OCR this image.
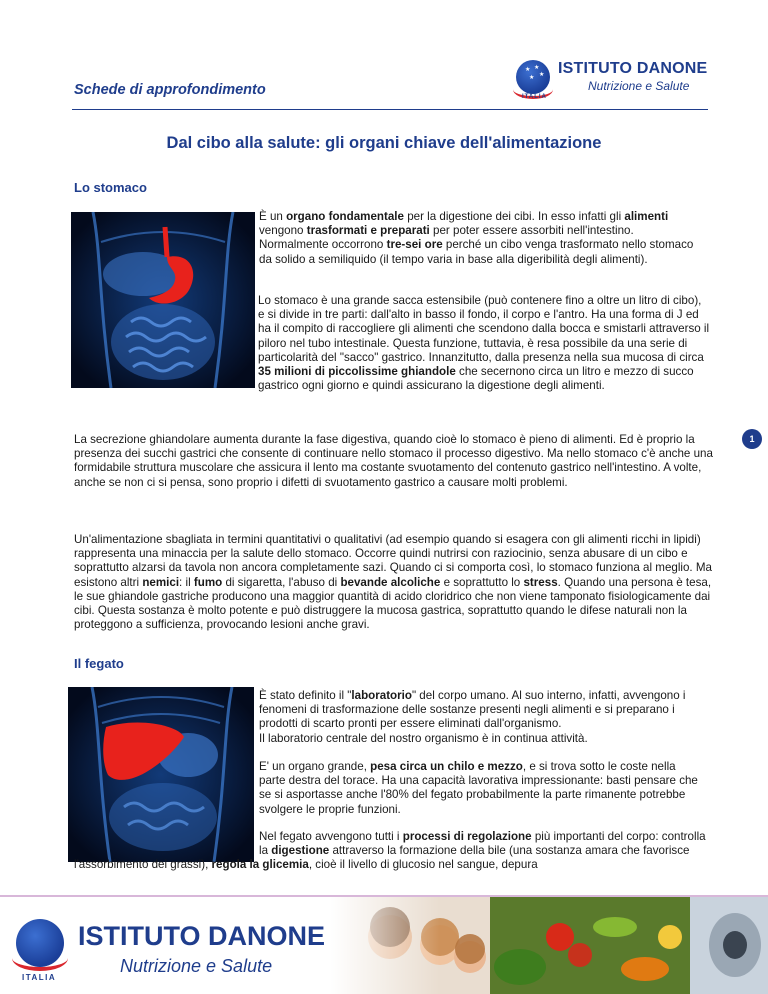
Schede di approfondimento
★ ★
★
★
ISTITUTO DANONE
Nutrizione e Salute
ITALIA
Dal cibo alla salute: gli organi chiave dell'alimentazione
Lo stomaco

È un organo fondamentale per la digestione dei cibi. In esso infatti gli alimenti vengono trasformati e preparati per poter essere assorbiti nell'intestino.
Normalmente occorrono tre-sei ore perché un cibo venga trasformato nello stomaco da solido a semiliquido (il tempo varia in base alla digeribilità degli alimenti).

Lo stomaco è una grande sacca estensibile (può contenere fino a oltre un litro di cibo), e si divide in tre parti: dall'alto in basso il fondo, il corpo e l'antro. Ha una forma di J ed ha il compito di raccogliere gli alimenti che scendono dalla bocca e smistarli attraverso il piloro nel tubo intestinale. Questa funzione, tuttavia, è resa possibile da una serie di particolarità del "sacco" gastrico. Innanzitutto, dalla presenza nella sua mucosa di circa 35 milioni di piccolissime ghiandole che secernono circa un litro e mezzo di succo gastrico ogni giorno e quindi assicurano la digestione degli alimenti.

La secrezione ghiandolare aumenta durante la fase digestiva, quando cioè lo stomaco è pieno di alimenti. Ed è proprio la presenza dei succhi gastrici che consente di continuare nello stomaco il processo digestivo. Ma nello stomaco c'è anche una formidabile struttura muscolare che assicura il lento ma costante svuotamento del contenuto gastrico nell'intestino. A volte, anche se non ci si pensa, sono proprio i difetti di svuotamento gastrico a causare molti problemi.

1

Un'alimentazione sbagliata in termini quantitativi o qualitativi (ad esempio quando si esagera con gli alimenti ricchi in lipidi) rappresenta una minaccia per la salute dello stomaco. Occorre quindi nutrirsi con raziocinio, senza abusare di un cibo e soprattutto alzarsi da tavola non ancora completamente sazi. Quando ci si comporta così, lo stomaco funziona al meglio. Ma esistono altri nemici: il fumo di sigaretta, l'abuso di bevande alcoliche e soprattutto lo stress. Quando una persona è tesa, le sue ghiandole gastriche producono una maggior quantità di acido cloridrico che non viene tamponato fisiologicamente dai cibi. Questa sostanza è molto potente e può distruggere la mucosa gastrica, soprattutto quando le difese naturali non la proteggono a sufficienza, provocando lesioni anche gravi.

Il fegato

È stato definito il "laboratorio" del corpo umano. Al suo interno, infatti, avvengono i fenomeni di trasformazione delle sostanze presenti negli alimenti e si preparano i prodotti di scarto pronti per essere eliminati dall'organismo.
Il laboratorio centrale del nostro organismo è in continua attività.

E' un organo grande, pesa circa un chilo e mezzo, e si trova sotto le coste nella parte destra del torace. Ha una capacità lavorativa impressionante: basti pensare che se si asportasse anche l'80% del fegato probabilmente la parte rimanente potrebbe svolgere le proprie funzioni.

Nel fegato avvengono tutti i processi di regolazione più importanti del corpo: controlla la digestione attraverso la formazione della bile (una sostanza amara che favorisce l'assorbimento dei grassi), regola la glicemia, cioè il livello di glucosio nel sangue, depura

ISTITUTO DANONE
Nutrizione e Salute
ITALIA
